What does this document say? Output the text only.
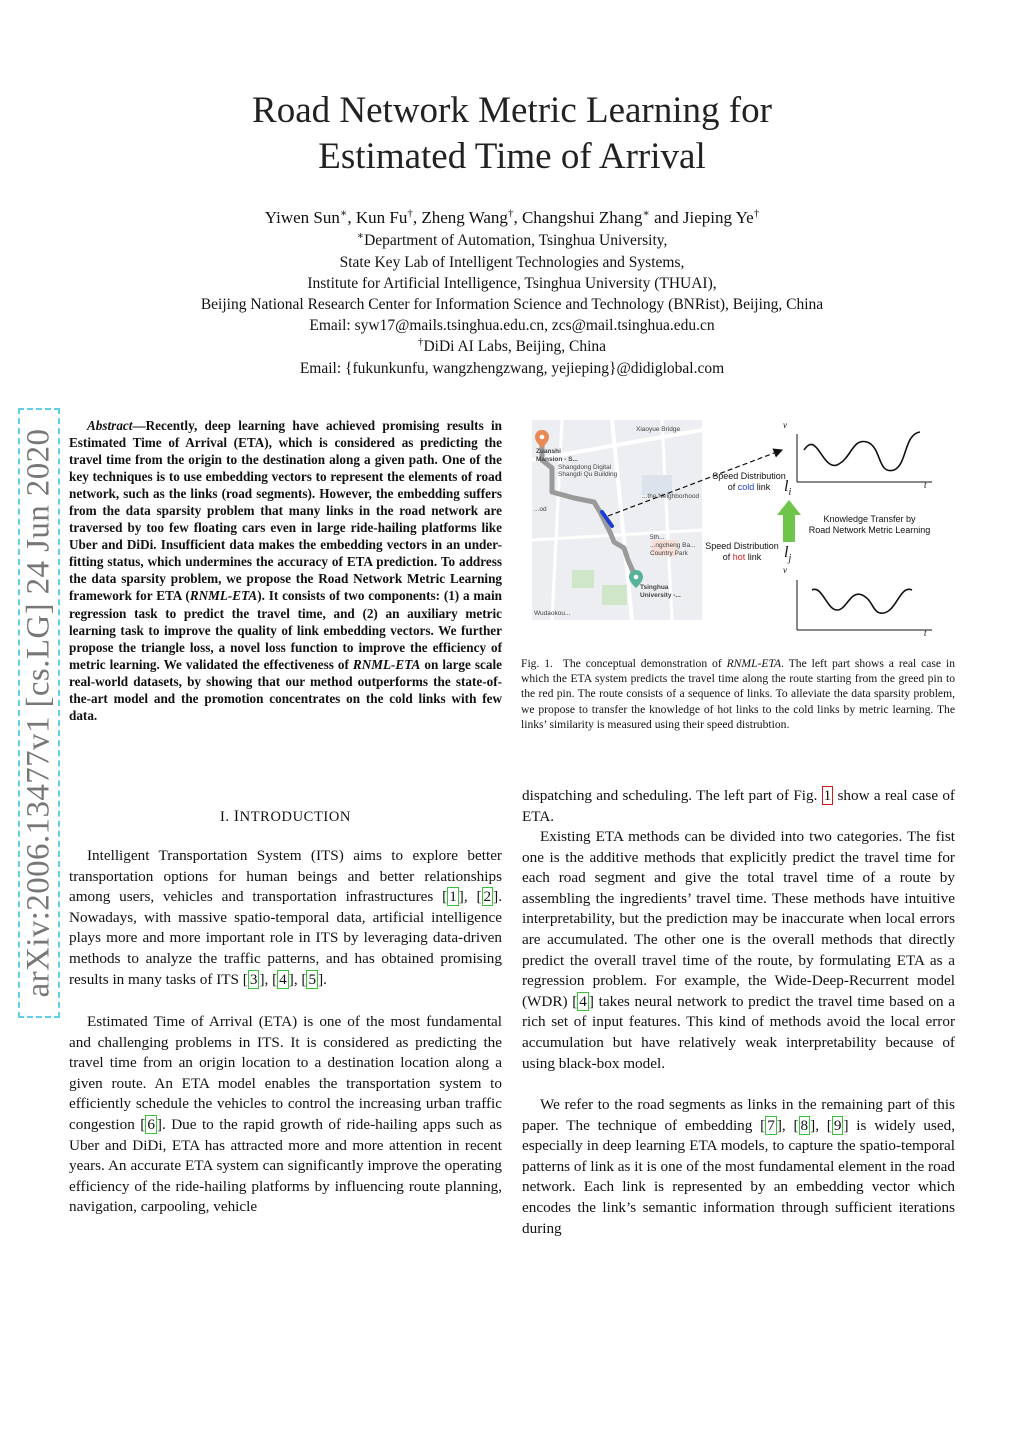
Road Network Metric Learning for
Estimated Time of Arrival
Yiwen Sun∗, Kun Fu†, Zheng Wang†, Changshui Zhang∗ and Jieping Ye†
∗Department of Automation, Tsinghua University,
State Key Lab of Intelligent Technologies and Systems,
Institute for Artificial Intelligence, Tsinghua University (THUAI),
Beijing National Research Center for Information Science and Technology (BNRist), Beijing, China
Email: syw17@mails.tsinghua.edu.cn, zcs@mail.tsinghua.edu.cn
†DiDi AI Labs, Beijing, China
Email: {fukunkunfu, wangzhengzwang, yejieping}@didiglobal.com
arXiv:2006.13477v1 [cs.LG] 24 Jun 2020

Abstract—Recently, deep learning have achieved promising results in Estimated Time of Arrival (ETA), which is considered as predicting the travel time from the origin to the destination along a given path. One of the key techniques is to use embedding vectors to represent the elements of road network, such as the links (road segments). However, the embedding suffers from the data sparsity problem that many links in the road network are traversed by too few floating cars even in large ride-hailing platforms like Uber and DiDi. Insufficient data makes the embedding vectors in an under-fitting status, which undermines the accuracy of ETA prediction. To address the data sparsity problem, we propose the Road Network Metric Learning framework for ETA (RNML-ETA). It consists of two components: (1) a main regression task to predict the travel time, and (2) an auxiliary metric learning task to improve the quality of link embedding vectors. We further propose the triangle loss, a novel loss function to improve the efficiency of metric learning. We validated the effectiveness of RNML-ETA on large scale real-world datasets, by showing that our method outperforms the state-of-the-art model and the promotion concentrates on the cold links with few data.

I. INTRODUCTION

Intelligent Transportation System (ITS) aims to explore better transportation options for human beings and better relationships among users, vehicles and transportation infrastructures [ 1 ], [ 2 ]. Nowadays, with massive spatio-temporal data, artificial intelligence plays more and more important role in ITS by leveraging data-driven methods to analyze the traffic patterns, and has obtained promising results in many tasks of ITS [ 3 ], [ 4 ], [ 5 ].

Estimated Time of Arrival (ETA) is one of the most fundamental and challenging problems in ITS. It is considered as predicting the travel time from an origin location to a destination location along a given route. An ETA model enables the transportation system to efficiently schedule the vehicles to control the increasing urban traffic congestion [ 6 ]. Due to the rapid growth of ride-hailing apps such as Uber and DiDi, ETA has attracted more and more attention in recent years. An accurate ETA system can significantly improve the operating efficiency of the ride-hailing platforms by influencing route planning, navigation, carpooling, vehicle

Xiaoyue Bridge
Zuanshi
Mansion - S...
Shangdong Digital
Shangdi Qu Building
...the Neighborhood
...od
5th...
...ngcheng Ba...
Country Park
Tsinghua
University -...
Wudaokou...
Speed Distribution
of cold link
Speed Distribution
of hot link
Knowledge Transfer by
Road Network Metric Learning
$l_i$
$l_j$
v
t
v
t

Fig. 1. The conceptual demonstration of RNML-ETA. The left part shows a real case in which the ETA system predicts the travel time along the route starting from the greed pin to the red pin. The route consists of a sequence of links. To alleviate the data sparsity problem, we propose to transfer the knowledge of hot links to the cold links by metric learning. The links’ similarity is measured using their speed distrubtion.

dispatching and scheduling. The left part of Fig. 1 show a real case of ETA.

Existing ETA methods can be divided into two categories. The fist one is the additive methods that explicitly predict the travel time for each road segment and give the total travel time of a route by assembling the ingredients’ travel time. These methods have intuitive interpretability, but the prediction may be inaccurate when local errors are accumulated. The other one is the overall methods that directly predict the overall travel time of the route, by formulating ETA as a regression problem. For example, the Wide-Deep-Recurrent model (WDR) [ 4 ] takes neural network to predict the travel time based on a rich set of input features. This kind of methods avoid the local error accumulation but have relatively weak interpretability because of using black-box model.

We refer to the road segments as links in the remaining part of this paper. The technique of embedding [ 7 ], [ 8 ], [ 9 ] is widely used, especially in deep learning ETA models, to capture the spatio-temporal patterns of link as it is one of the most fundamental element in the road network. Each link is represented by an embedding vector which encodes the link’s semantic information through sufficient iterations during
